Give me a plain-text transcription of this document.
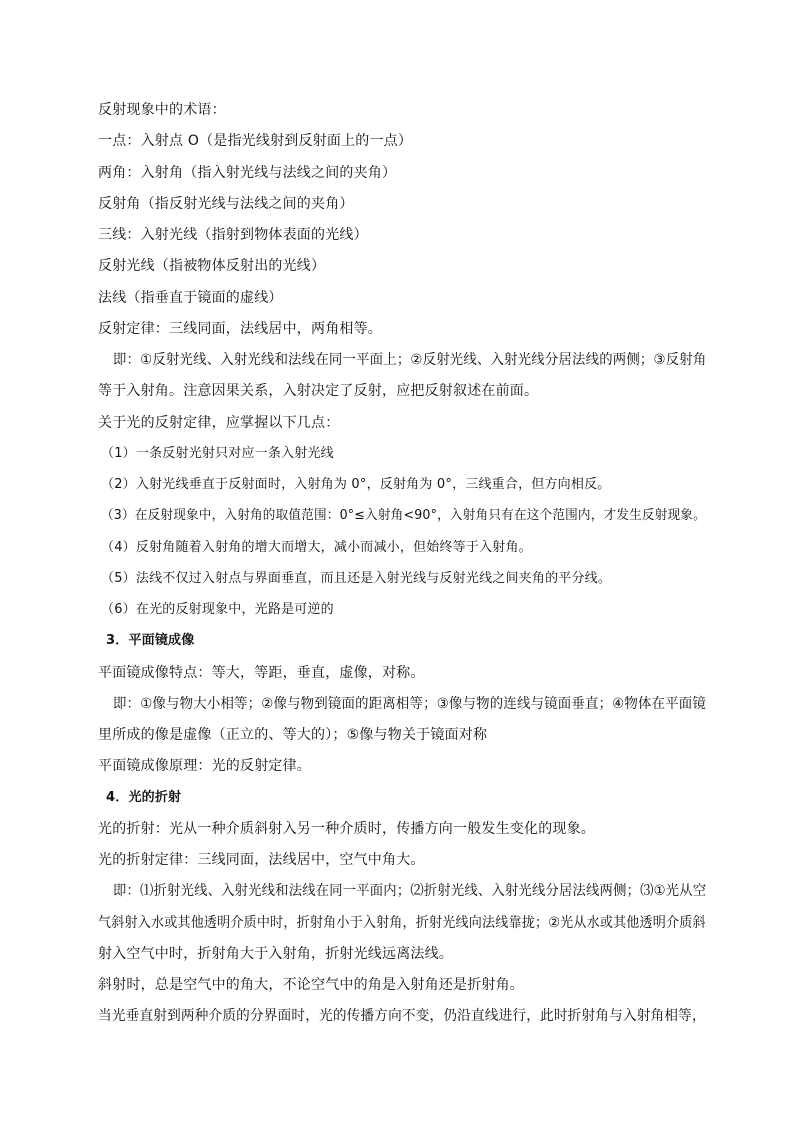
反射现象中的术语：
一点：入射点 O（是指光线射到反射面上的一点）
两角：入射角（指入射光线与法线之间的夹角）
反射角（指反射光线与法线之间的夹角）
三线：入射光线（指射到物体表面的光线）
反射光线（指被物体反射出的光线）
法线（指垂直于镜面的虚线）
反射定律：三线同面，法线居中，两角相等。
即：①反射光线、入射光线和法线在同一平面上；②反射光线、入射光线分居法线的两侧；③反射角
等于入射角。注意因果关系，入射决定了反射，应把反射叙述在前面。
关于光的反射定律，应掌握以下几点：
（1）一条反射光射只对应一条入射光线
（2）入射光线垂直于反射面时，入射角为 0°，反射角为 0°，三线重合，但方向相反。
（3）在反射现象中，入射角的取值范围：0°≤入射角<90°，入射角只有在这个范围内，才发生反射现象。
（4）反射角随着入射角的增大而增大，减小而减小，但始终等于入射角。
（5）法线不仅过入射点与界面垂直，而且还是入射光线与反射光线之间夹角的平分线。
（6）在光的反射现象中，光路是可逆的
3．平面镜成像
平面镜成像特点：等大，等距，垂直，虚像，对称。
即：①像与物大小相等；②像与物到镜面的距离相等；③像与物的连线与镜面垂直；④物体在平面镜
里所成的像是虚像（正立的、等大的）；⑤像与物关于镜面对称
平面镜成像原理：光的反射定律。
4．光的折射
光的折射：光从一种介质斜射入另一种介质时，传播方向一般发生变化的现象。
光的折射定律：三线同面，法线居中，空气中角大。
即：⑴折射光线、入射光线和法线在同一平面内；⑵折射光线、入射光线分居法线两侧；⑶①光从空
气斜射入水或其他透明介质中时，折射角小于入射角，折射光线向法线靠拢；②光从水或其他透明介质斜
射入空气中时，折射角大于入射角，折射光线远离法线。
斜射时，总是空气中的角大，不论空气中的角是入射角还是折射角。
当光垂直射到两种介质的分界面时，光的传播方向不变，仍沿直线进行，此时折射角与入射角相等，
